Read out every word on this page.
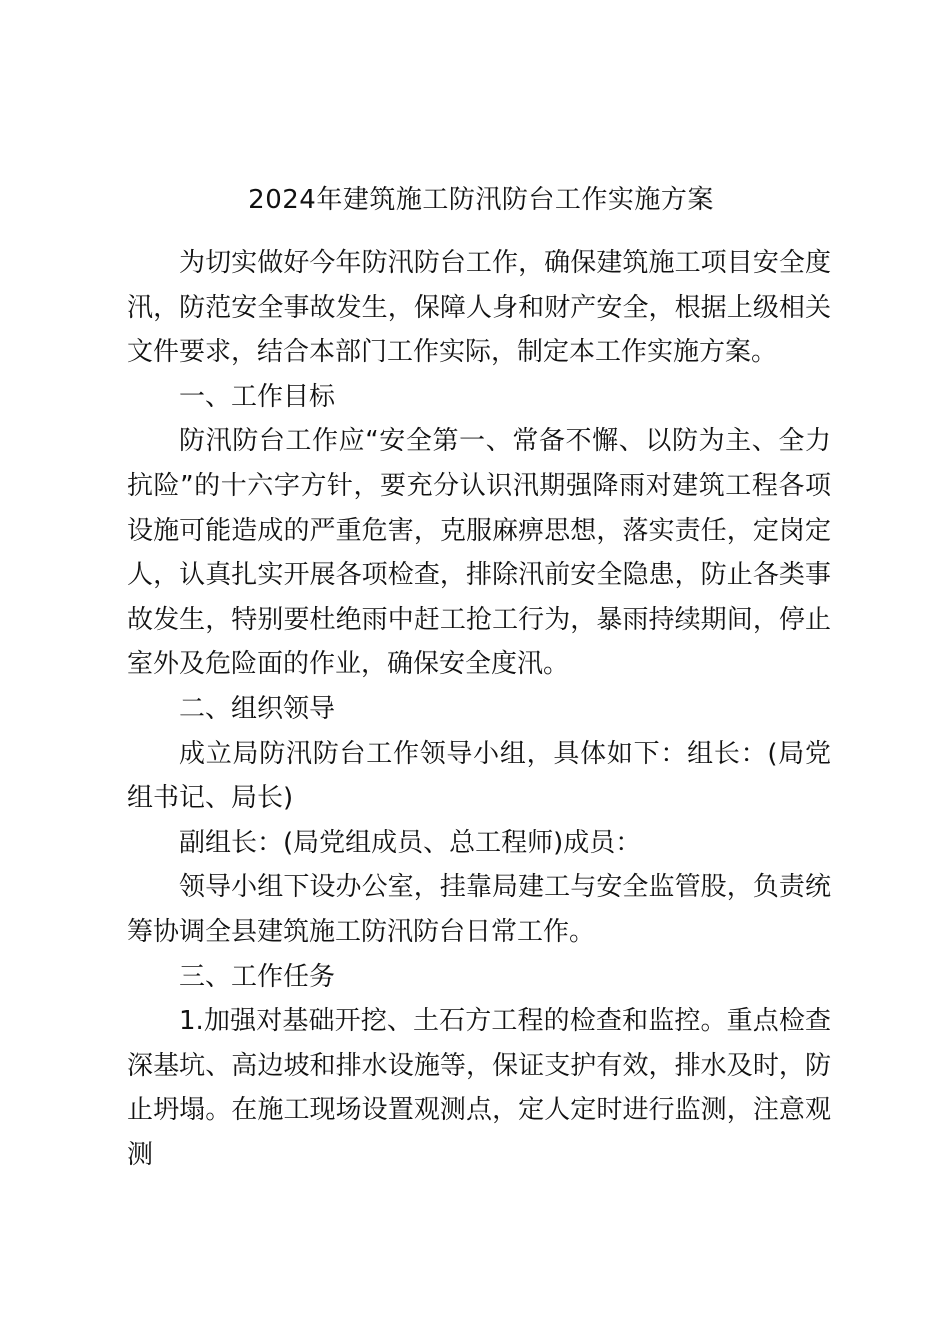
2024年建筑施工防汛防台工作实施方案

为切实做好今年防汛防台工作，确保建筑施工项目安全度汛，防范安全事故发生，保障人身和财产安全，根据上级相关文件要求，结合本部门工作实际，制定本工作实施方案。

一、工作目标

防汛防台工作应“安全第一、常备不懈、以防为主、全力抗险”的十六字方针，要充分认识汛期强降雨对建筑工程各项设施可能造成的严重危害，克服麻痹思想，落实责任，定岗定人，认真扎实开展各项检查，排除汛前安全隐患，防止各类事故发生，特别要杜绝雨中赶工抢工行为，暴雨持续期间，停止室外及危险面的作业，确保安全度汛。

二、组织领导

成立局防汛防台工作领导小组，具体如下：组长：(局党组书记、局长)

副组长：(局党组成员、总工程师)成员：

领导小组下设办公室，挂靠局建工与安全监管股，负责统筹协调全县建筑施工防汛防台日常工作。

三、工作任务

1.加强对基础开挖、土石方工程的检查和监控。重点检查深基坑、高边坡和排水设施等，保证支护有效，排水及时，防止坍塌。在施工现场设置观测点，定人定时进行监测，注意观测
